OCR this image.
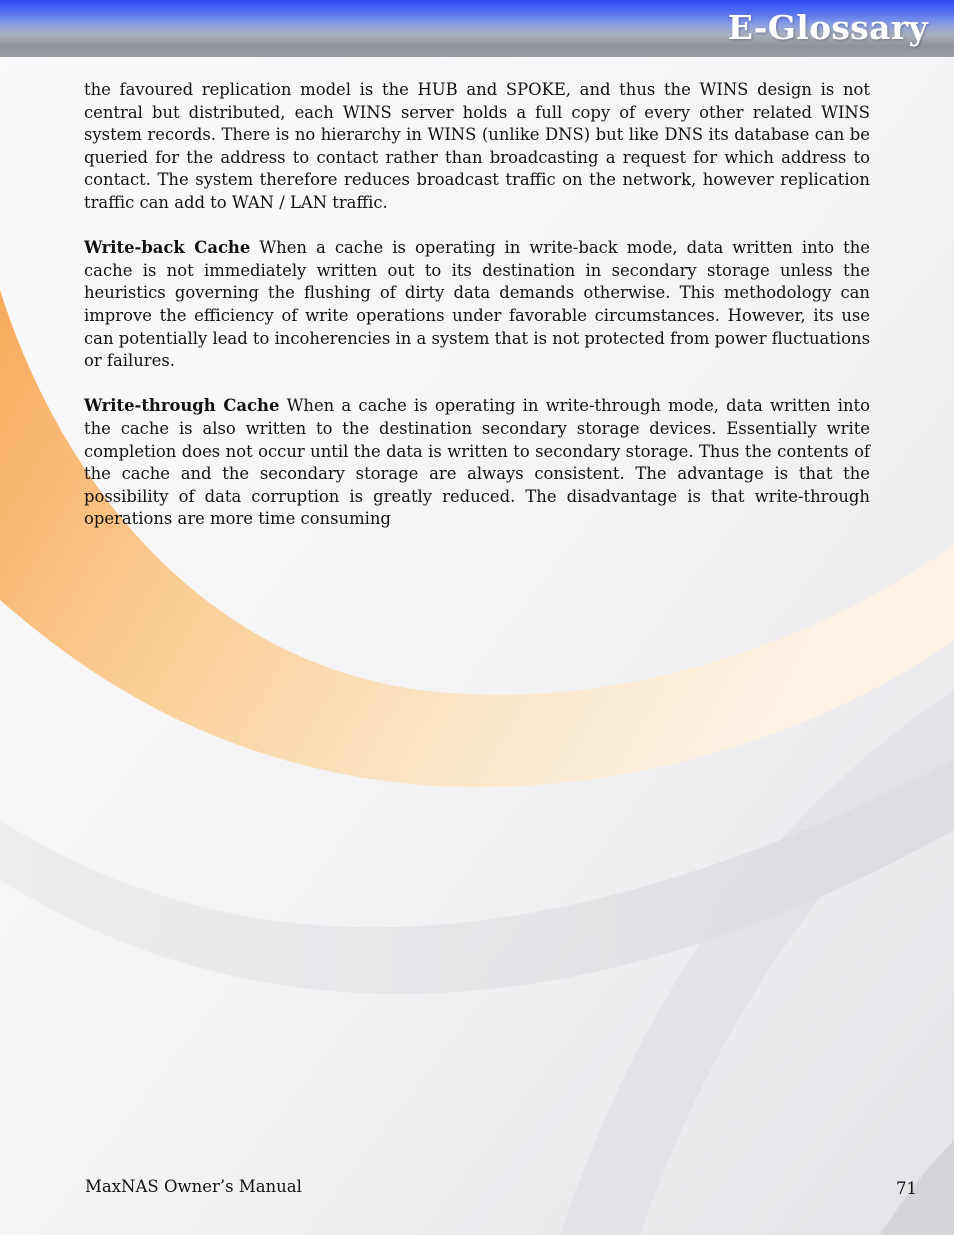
E-Glossary

the favoured replication model is the HUB and SPOKE, and thus the WINS design is not central but distributed, each WINS server holds a full copy of every other related WINS system records. There is no hierarchy in WINS (unlike DNS) but like DNS its database can be queried for the address to contact rather than broadcasting a request for which address to contact. The system therefore reduces broadcast traffic on the network, however replication traffic can add to WAN / LAN traffic.

Write-back Cache When a cache is operating in write-back mode, data written into the cache is not immediately written out to its destination in secondary storage unless the heuristics governing the flushing of dirty data demands otherwise. This methodology can improve the efficiency of write operations under favorable circumstances. However, its use can potentially lead to incoherencies in a system that is not protected from power fluctuations or failures.

Write-through Cache When a cache is operating in write-through mode, data written into the cache is also written to the destination secondary storage devices. Essentially write completion does not occur until the data is written to secondary storage. Thus the contents of the cache and the secondary storage are always consistent. The advantage is that the possibility of data corruption is greatly reduced. The disadvantage is that write-through operations are more time consuming

MaxNAS Owner’s Manual	71
